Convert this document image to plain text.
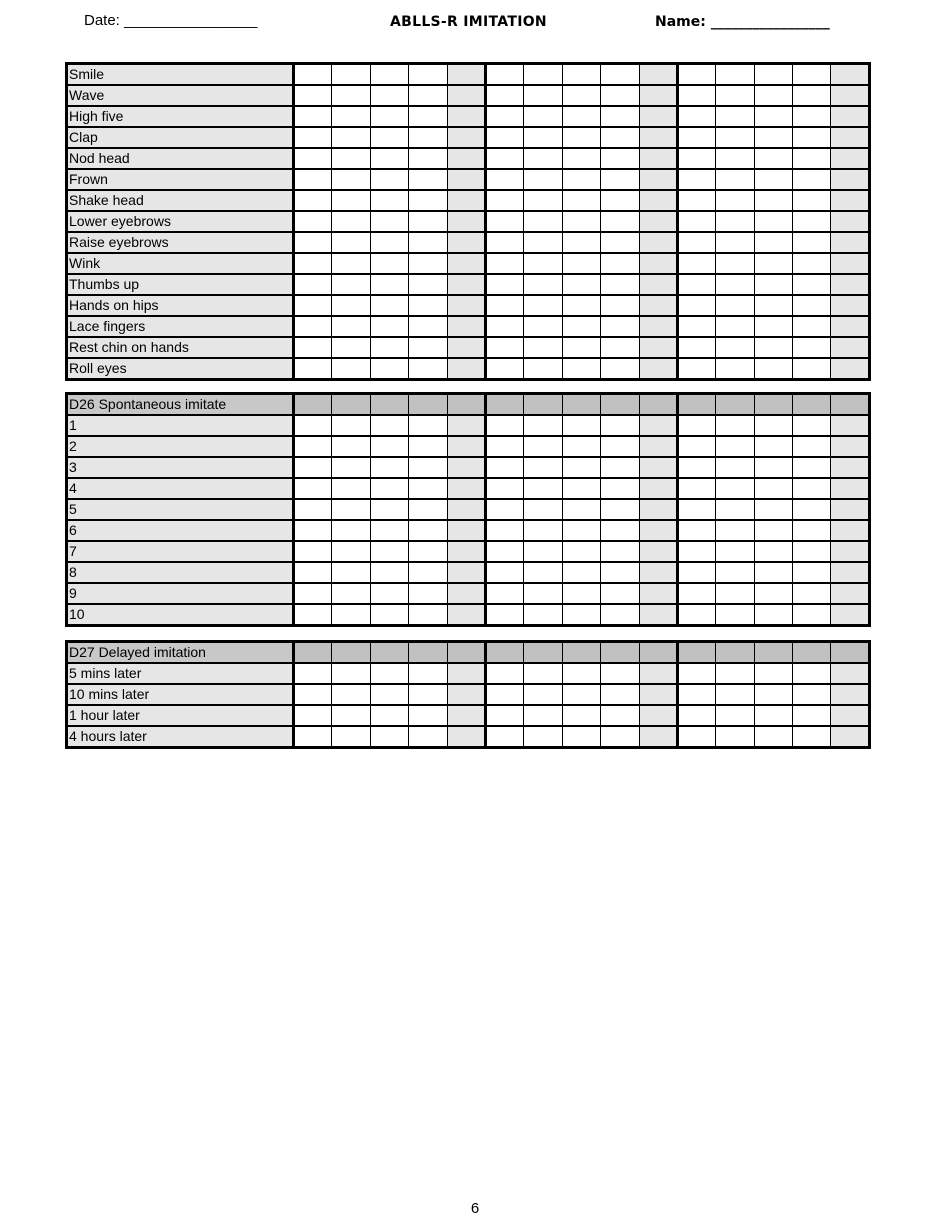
Date: ________________	ABLLS-R IMITATION	Name: _________________
Smile															
Wave															
High five															
Clap															
Nod head															
Frown															
Shake head															
Lower eyebrows															
Raise eyebrows															
Wink															
Thumbs up															
Hands on hips															
Lace fingers															
Rest chin on hands															
Roll eyes															
D26 Spontaneous imitate															
1															
2															
3															
4															
5															
6															
7															
8															
9															
10															
D27 Delayed imitation															
5 mins later															
10 mins later															
1 hour later															
4 hours later															
6
